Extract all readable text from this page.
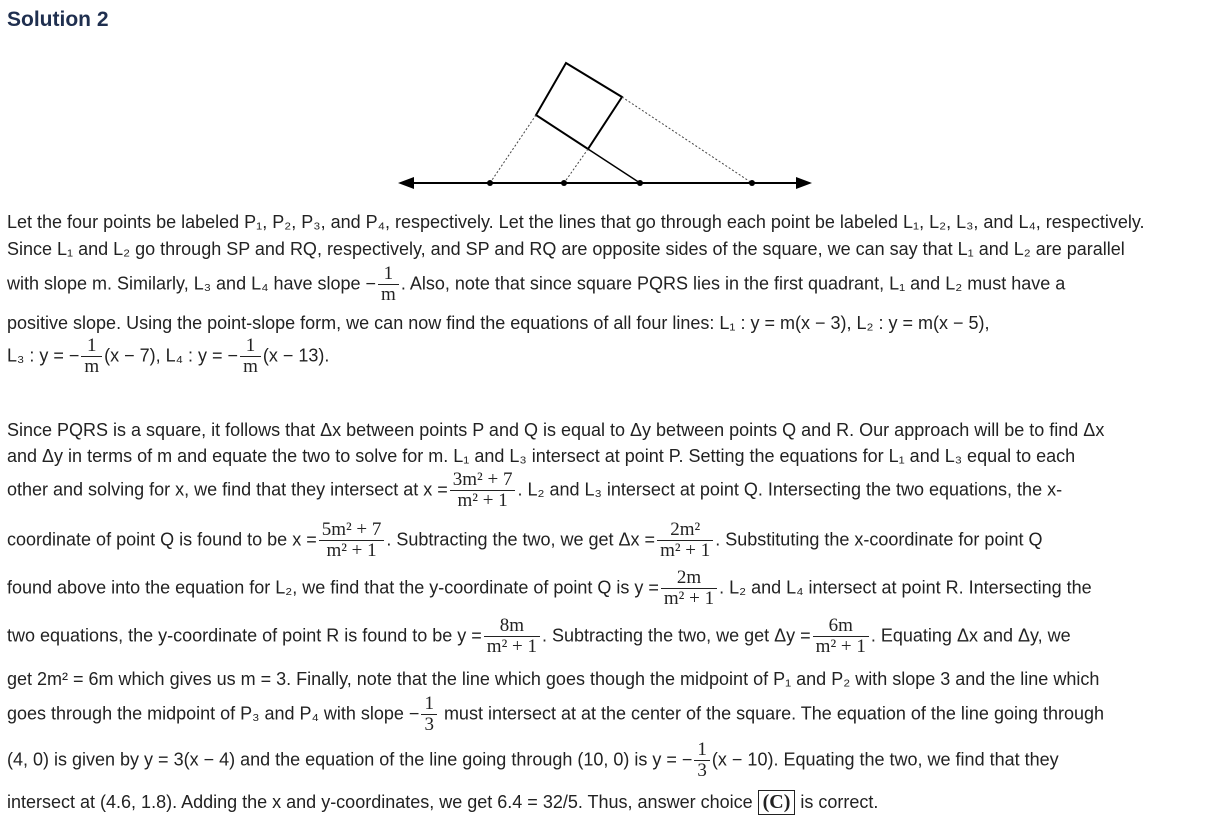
Solution 2
Let the four points be labeled P₁, P₂, P₃, and P₄, respectively. Let the lines that go through each point be labeled L₁, L₂, L₃, and L₄, respectively.
Since L₁ and L₂ go through SP and RQ, respectively, and SP and RQ are opposite sides of the square, we can say that L₁ and L₂ are parallel
with slope m. Similarly, L₃ and L₄ have slope − $\frac{1}{m}$ . Also, note that since square PQRS lies in the first quadrant, L₁ and L₂ must have a
positive slope. Using the point-slope form, we can now find the equations of all four lines: L₁ : y = m(x − 3), L₂ : y = m(x − 5),
L₃ : y = − $\frac{1}{m} (x - 7)$, L₄ : y = − $\frac{1}{m} (x - 13)$.
Since PQRS is a square, it follows that Δx between points P and Q is equal to Δy between points Q and R. Our approach will be to find Δx
and Δy in terms of m and equate the two to solve for m. L₁ and L₃ intersect at point P. Setting the equations for L₁ and L₃ equal to each
other and solving for x, we find that they intersect at $x = \frac{\text{3m² + 7}}{\text{m² + 1}}$ . L₂ and L₃ intersect at point Q. Intersecting the two equations, the x-
coordinate of point Q is found to be $x = \frac{\text{5m² + 7}}{\text{m² + 1}}$ . Subtracting the two, we get $\Delta x = \frac{\text{2m²}}{\text{m² + 1}}$ . Substituting the x-coordinate for point Q
found above into the equation for L₂, we find that the y-coordinate of point Q is $y = \frac{2m}{\text{m² + 1}}$ . L₂ and L₄ intersect at point R. Intersecting the
two equations, the y-coordinate of point R is found to be $y = \frac{8m}{\text{m² + 1}}$ . Subtracting the two, we get $\Delta y = \frac{6m}{\text{m² + 1}}$ . Equating Δx and Δy, we
get 2m² = 6m which gives us m = 3. Finally, note that the line which goes though the midpoint of P₁ and P₂ with slope 3 and the line which
goes through the midpoint of P₃ and P₄ with slope − $\frac{1}{3}$ must intersect at at the center of the square. The equation of the line going through
(4, 0) is given by y = 3(x − 4) and the equation of the line going through (10, 0) is y = − $\frac{1}{3} (x - 10)$. Equating the two, we find that they
intersect at (4.6, 1.8). Adding the x and y-coordinates, we get 6.4 = 32/5. Thus, answer choice (C) is correct.
